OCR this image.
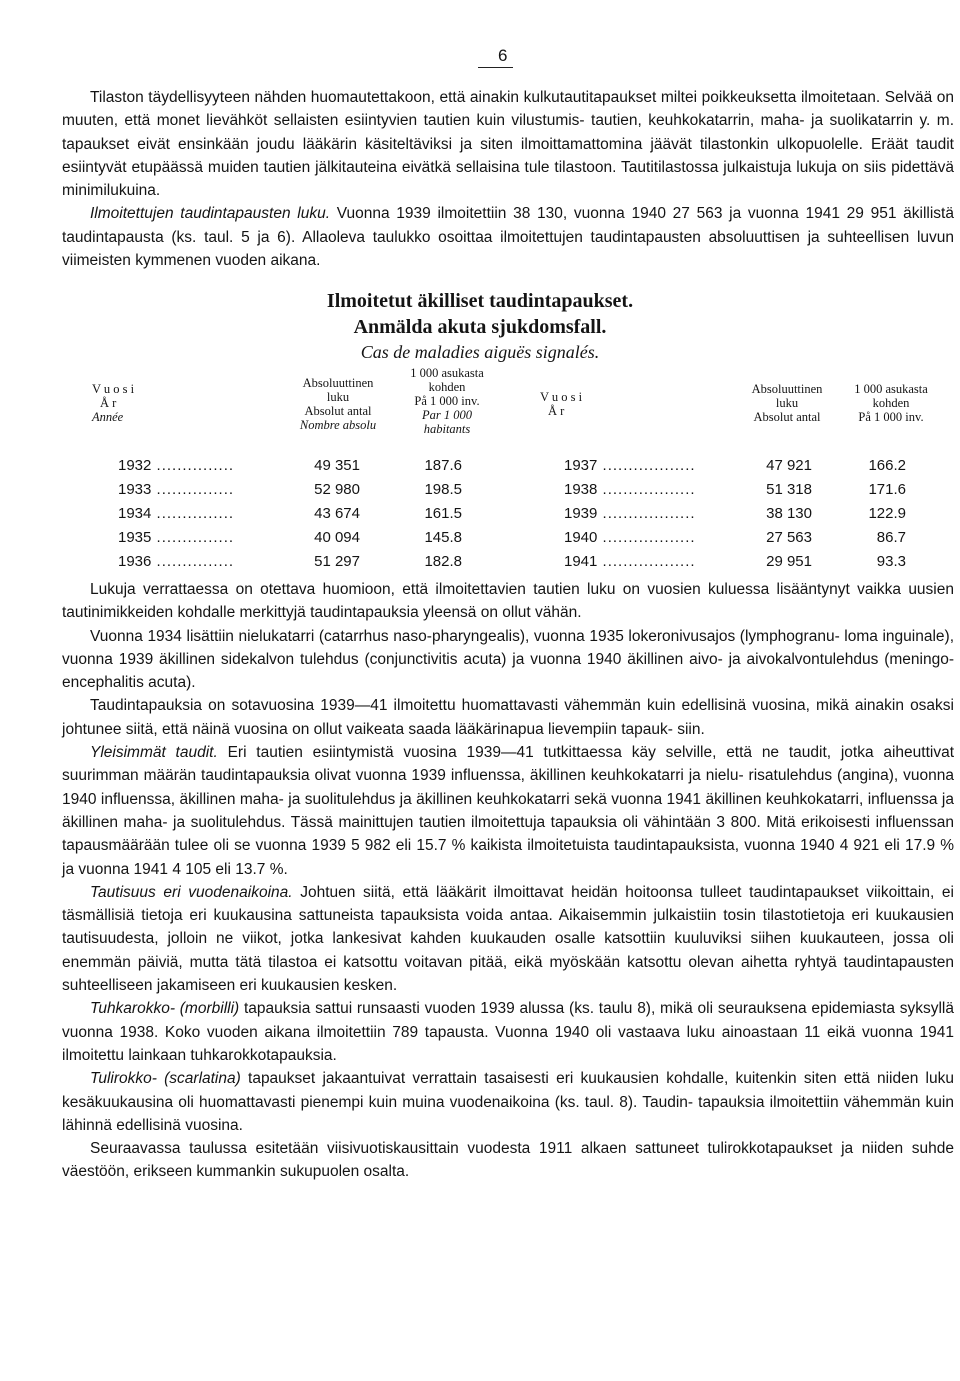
6

Tilaston täydellisyyteen nähden huomautettakoon, että ainakin kulkutautitapaukset miltei poikkeuksetta ilmoitetaan. Selvää on muuten, että monet lievähköt sellaisten esiintyvien tautien kuin vilustumis- tautien, keuhkokatarrin, maha- ja suolikatarrin y. m. tapaukset eivät ensinkään joudu lääkärin käsiteltäviksi ja siten ilmoittamattomina jäävät tilastonkin ulkopuolelle. Eräät taudit esiintyvät etupäässä muiden tautien jälkitauteina eivätkä sellaisina tule tilastoon. Tautitilastossa julkaistuja lukuja on siis pidettävä minimilukuina.

Ilmoitettujen taudintapausten luku. Vuonna 1939 ilmoitettiin 38 130, vuonna 1940 27 563 ja vuonna 1941 29 951 äkillistä taudintapausta (ks. taul. 5 ja 6). Allaoleva taulukko osoittaa ilmoitettujen taudintapausten absoluuttisen ja suhteellisen luvun viimeisten kymmenen vuoden aikana.

Ilmoitetut äkilliset taudintapaukset.
Anmälda akuta sjukdomsfall.
Cas de maladies aiguës signalés.
V u o s i
Å r
Année
Absoluuttinen
luku
Absolut antal
Nombre absolu
1 000 asukasta
kohden
På 1 000 inv.
Par 1 000
habitants
V u o s i
Å r
Absoluuttinen
luku
Absolut antal
1 000 asukasta
kohden
På 1 000 inv.
1932 ...............	49 351	187.6
1933 ...............	52 980	198.5
1934 ...............	43 674	161.5
1935 ...............	40 094	145.8
1936 ...............	51 297	182.8
1937 ..................	47 921	166.2
1938 ..................	51 318	171.6
1939 ..................	38 130	122.9
1940 ..................	27 563	86.7
1941 ..................	29 951	93.3

Lukuja verrattaessa on otettava huomioon, että ilmoitettavien tautien luku on vuosien kuluessa lisääntynyt vaikka uusien tautinimikkeiden kohdalle merkittyjä taudintapauksia yleensä on ollut vähän.

Vuonna 1934 lisättiin nielukatarri (catarrhus naso-pharyngealis), vuonna 1935 lokeronivusajos (lymphogranu- loma inguinale), vuonna 1939 äkillinen sidekalvon tulehdus (conjunctivitis acuta) ja vuonna 1940 äkillinen aivo- ja aivokalvontulehdus (meningo-encephalitis acuta).

Taudintapauksia on sotavuosina 1939—41 ilmoitettu huomattavasti vähemmän kuin edellisinä vuosina, mikä ainakin osaksi johtunee siitä, että näinä vuosina on ollut vaikeata saada lääkärinapua lievempiin tapauk- siin.

Yleisimmät taudit. Eri tautien esiintymistä vuosina 1939—41 tutkittaessa käy selville, että ne taudit, jotka aiheuttivat suurimman määrän taudintapauksia olivat vuonna 1939 influenssa, äkillinen keuhkokatarri ja nielu- risatulehdus (angina), vuonna 1940 influenssa, äkillinen maha- ja suolitulehdus ja äkillinen keuhkokatarri sekä vuonna 1941 äkillinen keuhkokatarri, influenssa ja äkillinen maha- ja suolitulehdus. Tässä mainittujen tautien ilmoitettuja tapauksia oli vähintään 3 800. Mitä erikoisesti influenssan tapausmäärään tulee oli se vuonna 1939 5 982 eli 15.7 % kaikista ilmoitetuista taudintapauksista, vuonna 1940 4 921 eli 17.9 % ja vuonna 1941 4 105 eli 13.7 %.

Tautisuus eri vuodenaikoina. Johtuen siitä, että lääkärit ilmoittavat heidän hoitoonsa tulleet taudintapaukset viikoittain, ei täsmällisiä tietoja eri kuukausina sattuneista tapauksista voida antaa. Aikaisemmin julkaistiin tosin tilastotietoja eri kuukausien tautisuudesta, jolloin ne viikot, jotka lankesivat kahden kuukauden osalle katsottiin kuuluviksi siihen kuukauteen, jossa oli enemmän päiviä, mutta tätä tilastoa ei katsottu voitavan pitää, eikä myöskään katsottu olevan aihetta ryhtyä taudintapausten suhteelliseen jakamiseen eri kuukausien kesken.

Tuhkarokko- (morbilli) tapauksia sattui runsaasti vuoden 1939 alussa (ks. taulu 8), mikä oli seurauksena epidemiasta syksyllä vuonna 1938. Koko vuoden aikana ilmoitettiin 789 tapausta. Vuonna 1940 oli vastaava luku ainoastaan 11 eikä vuonna 1941 ilmoitettu lainkaan tuhkarokkotapauksia.

Tulirokko- (scarlatina) tapaukset jakaantuivat verrattain tasaisesti eri kuukausien kohdalle, kuitenkin siten että niiden luku kesäkuukausina oli huomattavasti pienempi kuin muina vuodenaikoina (ks. taul. 8). Taudin- tapauksia ilmoitettiin vähemmän kuin lähinnä edellisinä vuosina.

Seuraavassa taulussa esitetään viisivuotiskausittain vuodesta 1911 alkaen sattuneet tulirokkotapaukset ja niiden suhde väestöön, erikseen kummankin sukupuolen osalta.
